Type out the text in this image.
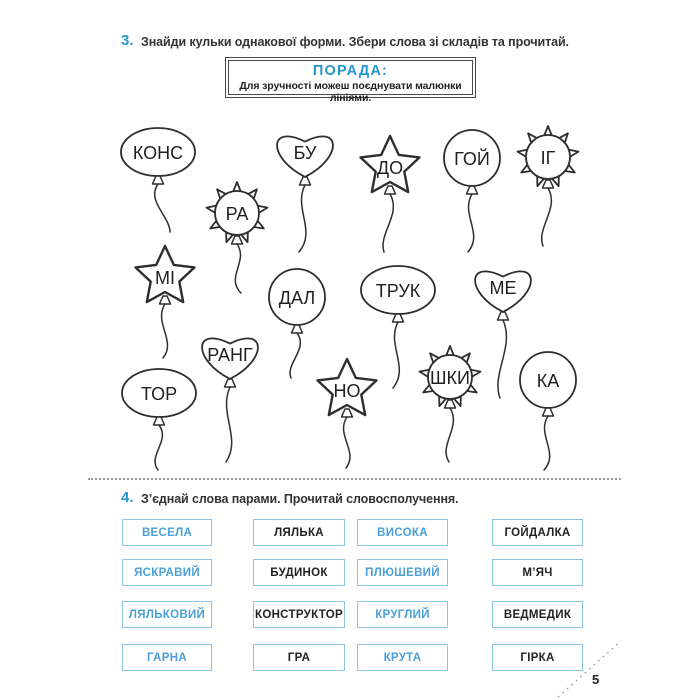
3. Знайди кульки однакової форми. Збери слова зі складів та прочитай.
ПОРАДА:
Для зручності можеш поєднувати малюнки лініями.
КОНС
РА
БУ
ДО	ГОЙ	ІГ
МІ
ДАЛ	ТРУК	МЕ
РАНГ
ТОР	НО
ШКИ	КА
4. З’єднай слова парами. Прочитай словосполучення.
ВЕСЕЛА	ЛЯЛЬКА	ВИСОКА	ГОЙДАЛКА
ЯСКРАВИЙ	БУДИНОК	ПЛЮШЕВИЙ	М’ЯЧ
ЛЯЛЬКОВИЙ	КОНСТРУКТОР	КРУГЛИЙ	ВЕДМЕДИК
ГАРНА	ГРА	КРУТА	ГІРКА
5
